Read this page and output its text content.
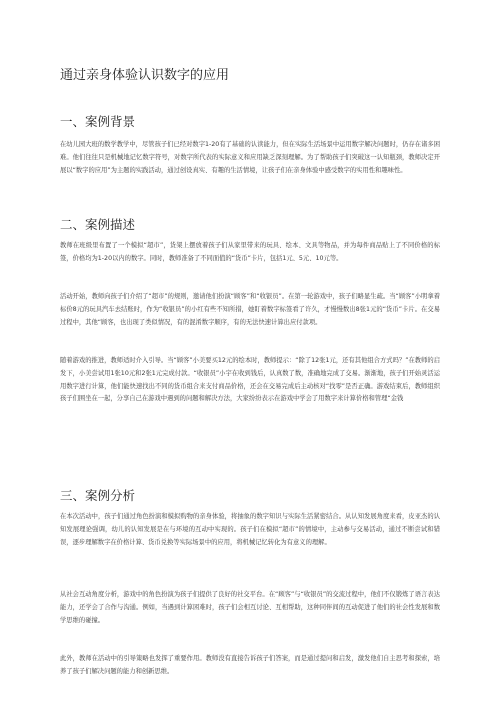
通过亲身体验认识数字的应用
一、案例背景
在幼儿园大班的数学教学中，尽管孩子们已经对数字1-20有了基础的认读能力，但在实际生活场景中运用数字解决问题时，仍存在诸多困难。他们往往只是机械地记忆数字符号，对数字所代表的实际意义和应用缺乏深刻理解。为了帮助孩子们突破这一认知瓶颈，教师决定开展以“数字的应用”为主题的实践活动，通过创设真实、有趣的生活情境，让孩子们在亲身体验中感受数字的实用性和趣味性。
二、案例描述
教师在班级里布置了一个模拟“超市”，货架上摆放着孩子们从家里带来的玩具、绘本、文具等物品，并为每件商品贴上了不同价格的标签，价格均为1-20以内的数字。同时，教师准备了不同面值的“货币”卡片，包括1元、5元、10元等。
活动开始，教师向孩子们介绍了“超市”的规则，邀请他们扮演“顾客”和“收银员”。在第一轮游戏中，孩子们略显生疏。当“顾客”小明拿着标价8元的玩具汽车去结账时，作为“收银员”的小红有些不知所措，她盯着数字标签看了许久，才慢慢数出8张1元的“货币”卡片。在交易过程中，其他“顾客，也出现了类似情况，有的混淆数字顺序，有的无法快速计算出应付款项。
随着游戏的推进，教师适时介入引导。当“顾客”小美要买12元的绘本时，教师提示：“除了12张1元，还有其他组合方式吗？”在教师的启发下，小美尝试用1张10元和2张1元完成付款。“收银员”小宇在收到钱后，认真数了数，准确地完成了交易。渐渐地，孩子们开始灵活运用数字进行计算，他们能快速找出不同的货币组合来支付商品价格，还会在交易完成后主动核对“找零”是否正确。游戏结束后，教师组织孩子们围坐在一起，分享自己在游戏中遇到的问题和解决方法，大家纷纷表示在游戏中学会了用数字来计算价格和管理“金钱
三、案例分析
在本次活动中，孩子们通过角色扮演和模拟购物的亲身体验，将抽象的数字知识与实际生活紧密结合。从认知发展角度来看，皮亚杰的认知发展理论强调，幼儿的认知发展是在与环境的互动中实现的。孩子们在模拟“超市”的情境中，主动参与交易活动，通过不断尝试和错误，逐步理解数字在价格计算、货币兑换等实际场景中的应用，将机械记忆转化为有意义的理解。
从社会互动角度分析，游戏中的角色扮演为孩子们提供了良好的社交平台。在“顾客”与“收银员”的交流过程中，他们不仅锻炼了语言表达能力，还学会了合作与沟通。例如，当遇到计算困难时，孩子们会相互讨论、互相帮助，这种同伴间的互动促进了他们的社会性发展和数学思维的碰撞。
此外，教师在活动中的引导策略也发挥了重要作用。教师没有直接告诉孩子们答案，而是通过提问和启发，激发他们自主思考和探索，培养了孩子们解决问题的能力和创新思维。
